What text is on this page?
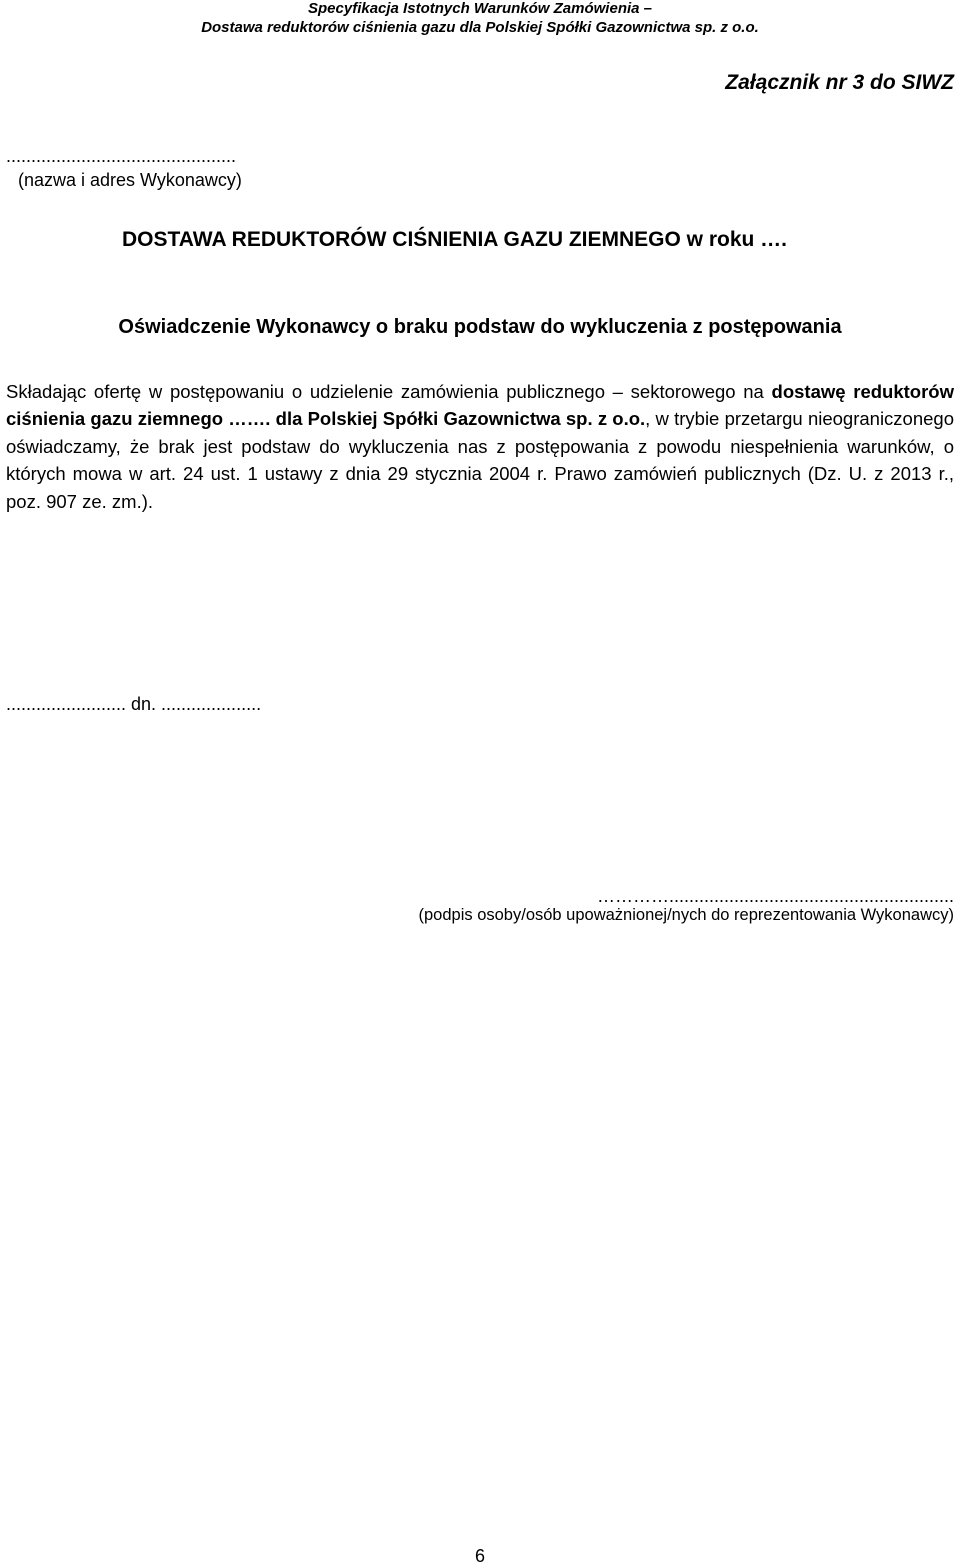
Specyfikacja Istotnych Warunków Zamówienia –
Dostawa reduktorów ciśnienia gazu dla Polskiej Spółki Gazownictwa sp. z o.o.
Załącznik nr 3 do SIWZ
..............................................
(nazwa i adres Wykonawcy)
DOSTAWA REDUKTORÓW CIŚNIENIA GAZU ZIEMNEGO w roku ….
Oświadczenie Wykonawcy o braku podstaw do wykluczenia z postępowania
Składając ofertę w postępowaniu o udzielenie zamówienia publicznego – sektorowego na dostawę reduktorów ciśnienia gazu ziemnego ……. dla Polskiej Spółki Gazownictwa sp. z o.o., w trybie przetargu nieograniczonego oświadczamy, że brak jest podstaw do wykluczenia nas z postępowania z powodu niespełnienia warunków, o których mowa w art. 24 ust. 1 ustawy z dnia 29 stycznia 2004 r. Prawo zamówień publicznych (Dz. U. z 2013 r., poz. 907 ze. zm.).
........................ dn. ....................
………….........................................................
(podpis osoby/osób upoważnionej/nych do reprezentowania Wykonawcy)
6
